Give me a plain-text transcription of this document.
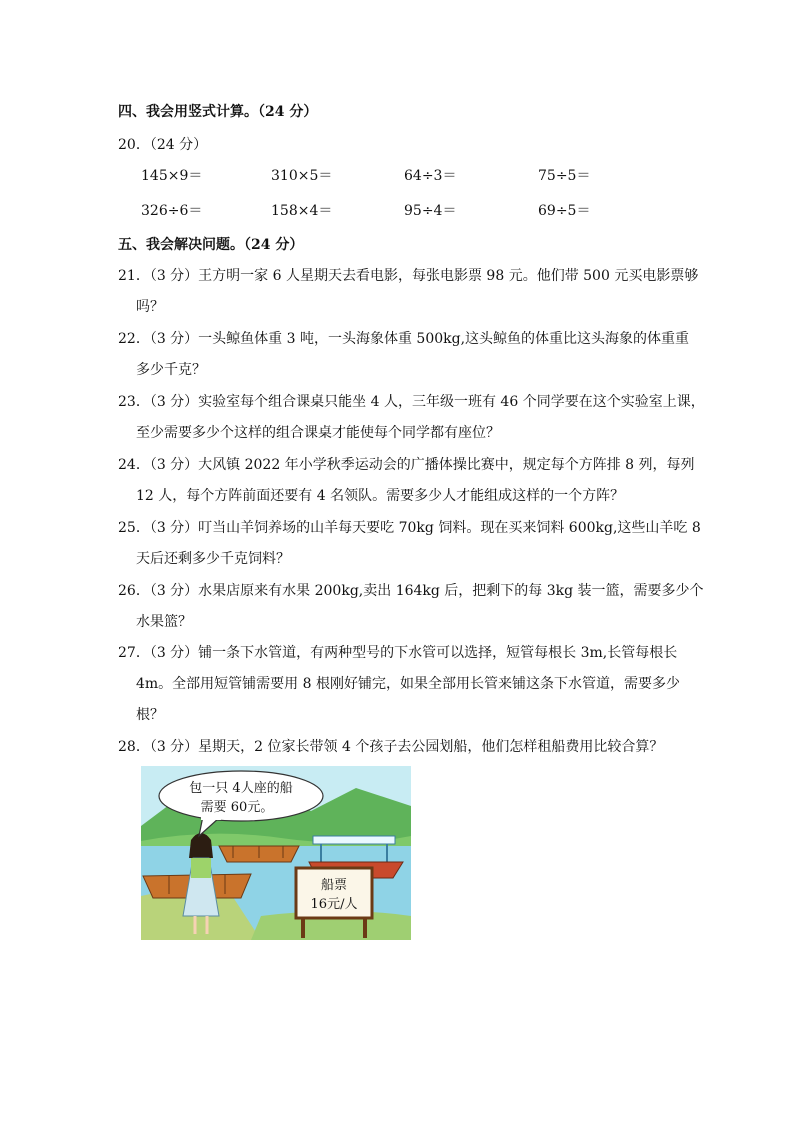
四、我会用竖式计算。（24 分）
20．（24 分）
145×9＝	310×5＝	64÷3＝	75÷5＝
326÷6＝	158×4＝	95÷4＝	69÷5＝
五、我会解决问题。（24 分）
21．（3 分）王方明一家 6 人星期天去看电影，每张电影票 98 元。他们带 500 元买电影票够
吗？
22．（3 分）一头鲸鱼体重 3 吨，一头海象体重 500kg,这头鲸鱼的体重比这头海象的体重重
多少千克？
23．（3 分）实验室每个组合课桌只能坐 4 人，三年级一班有 46 个同学要在这个实验室上课，
至少需要多少个这样的组合课桌才能使每个同学都有座位？
24．（3 分）大风镇 2022 年小学秋季运动会的广播体操比赛中，规定每个方阵排 8 列，每列
12 人，每个方阵前面还要有 4 名领队。需要多少人才能组成这样的一个方阵？
25．（3 分）叮当山羊饲养场的山羊每天要吃 70kg 饲料。现在买来饲料 600kg,这些山羊吃 8
天后还剩多少千克饲料？
26．（3 分）水果店原来有水果 200kg,卖出 164kg 后，把剩下的每 3kg 装一篮，需要多少个
水果篮？
27．（3 分）铺一条下水管道，有两种型号的下水管可以选择，短管每根长 3m,长管每根长
4m。全部用短管铺需要用 8 根刚好铺完，如果全部用长管来铺这条下水管道，需要多少
根？
28．（3 分）星期天，2 位家长带领 4 个孩子去公园划船，他们怎样租船费用比较合算？
包一只 4人座的船
需要 60元。
船票
16元/人
